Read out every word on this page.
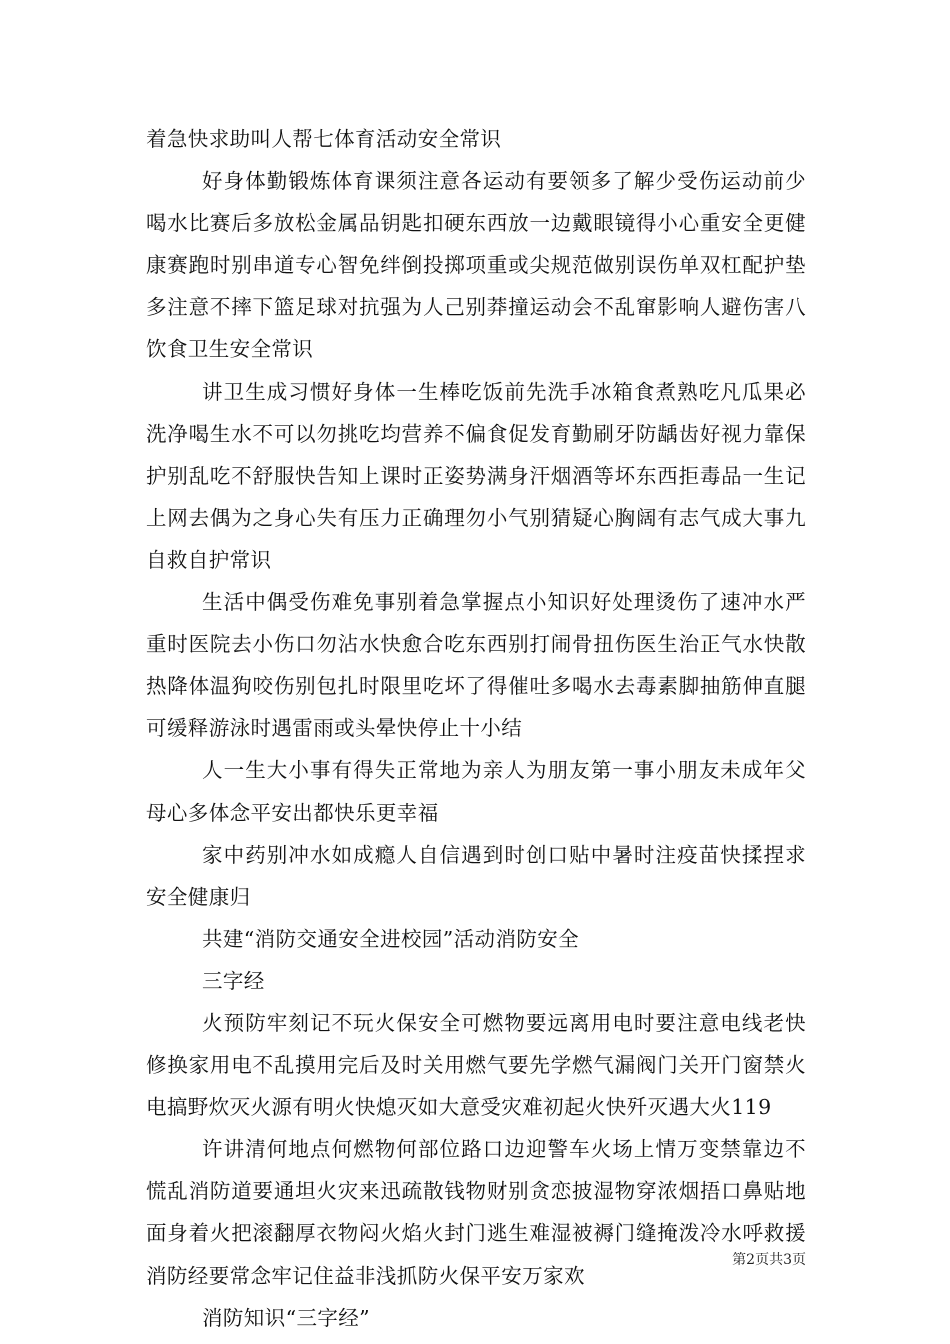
着急快求助叫人帮七体育活动安全常识

好身体勤锻炼体育课须注意各运动有要领多了解少受伤运动前少喝水比赛后多放松金属品钥匙扣硬东西放一边戴眼镜得小心重安全更健康赛跑时别串道专心智免绊倒投掷项重或尖规范做别误伤单双杠配护垫多注意不摔下篮足球对抗强为人己别莽撞运动会不乱窜影响人避伤害八饮食卫生安全常识

讲卫生成习惯好身体一生棒吃饭前先洗手冰箱食煮熟吃凡瓜果必洗净喝生水不可以勿挑吃均营养不偏食促发育勤刷牙防龋齿好视力靠保护别乱吃不舒服快告知上课时正姿势满身汗烟酒等坏东西拒毒品一生记上网去偶为之身心失有压力正确理勿小气别猜疑心胸阔有志气成大事九自救自护常识

生活中偶受伤难免事别着急掌握点小知识好处理烫伤了速冲水严重时医院去小伤口勿沾水快愈合吃东西别打闹骨扭伤医生治正气水快散热降体温狗咬伤别包扎时限里吃坏了得催吐多喝水去毒素脚抽筋伸直腿可缓释游泳时遇雷雨或头晕快停止十小结

人一生大小事有得失正常地为亲人为朋友第一事小朋友未成年父母心多体念平安出都快乐更幸福

家中药别冲水如成瘾人自信遇到时创口贴中暑时注疫苗快揉捏求安全健康归

共建“消防交通安全进校园”活动消防安全

三字经

火预防牢刻记不玩火保安全可燃物要远离用电时要注意电线老快修换家用电不乱摸用完后及时关用燃气要先学燃气漏阀门关开门窗禁火电搞野炊灭火源有明火快熄灭如大意受灾难初起火快歼灭遇大火119

许讲清何地点何燃物何部位路口边迎警车火场上情万变禁靠边不慌乱消防道要通坦火灾来迅疏散钱物财别贪恋披湿物穿浓烟捂口鼻贴地面身着火把滚翻厚衣物闷火焰火封门逃生难湿被褥门缝掩泼冷水呼救援消防经要常念牢记住益非浅抓防火保平安万家欢

消防知识“三字经”

第2页共3页
